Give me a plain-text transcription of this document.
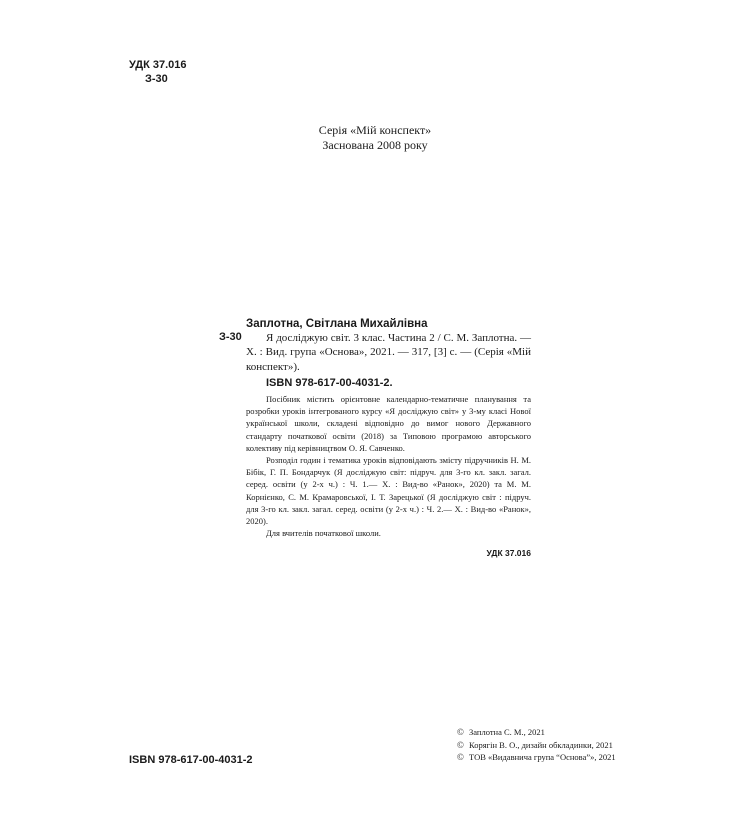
УДК 37.016
З-30
Серія «Мій конспект»
Заснована 2008 року
З-30
Заплотна, Світлана Михайлівна

Я досліджую світ. 3 клас. Частина 2 / С. М. Заплотна. — Х. : Вид. група «Основа», 2021. — 317, [3] с. — (Серія «Мій конспект»).

ISBN 978-617-00-4031-2.

Посібник містить орієнтовне календарно-тематичне планування та розробки уроків інтегрованого курсу «Я досліджую світ» у 3-му класі Нової української школи, складені відповідно до вимог нового Державного стандарту початкової освіти (2018) за Типовою програмою авторського колективу під керівництвом О. Я. Савченко.

Розподіл годин і тематика уроків відповідають змісту підручників Н. М. Бібік, Г. П. Бондарчук (Я досліджую світ: підруч. для 3-го кл. закл. загал. серед. освіти (у 2-х ч.) : Ч. 1.— Х. : Вид-во «Ранок», 2020) та М. М. Корнієнко, С. М. Крамаровської, І. Т. Зарецької (Я досліджую світ : підруч. для 3-го кл. закл. загал. серед. освіти (у 2-х ч.) : Ч. 2.— Х. : Вид-во «Ранок», 2020).

Для вчителів початкової школи.

УДК 37.016
ISBN 978-617-00-4031-2
© Заплотна С. М., 2021
© Корягін В. О., дизайн обкладинки, 2021
© ТОВ «Видавнича група “Основа”», 2021
